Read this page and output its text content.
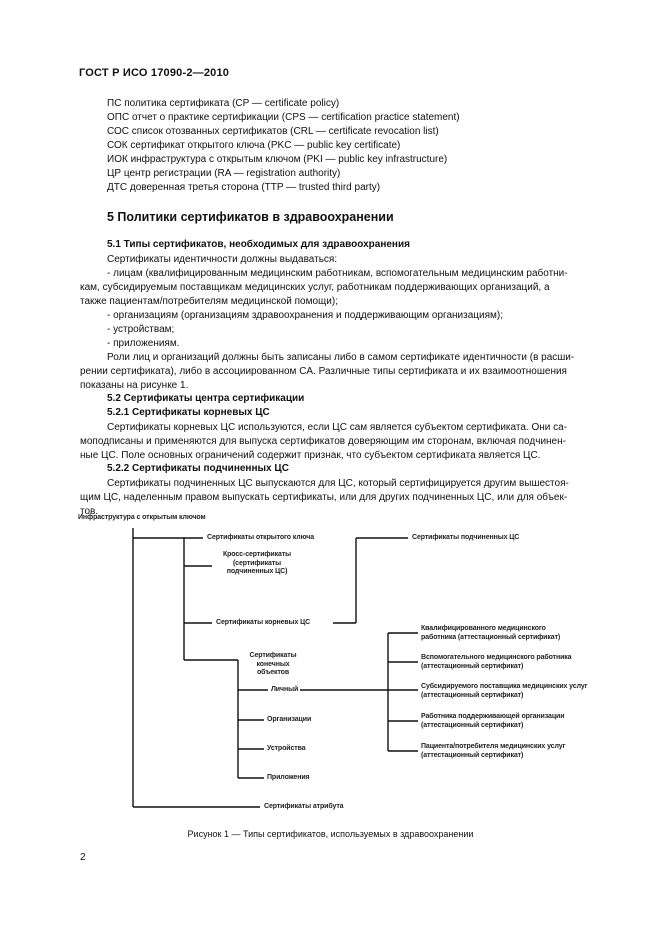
ГОСТ Р ИСО 17090-2—2010
ПС политика сертификата (CP — certificate policy)
ОПС отчет о практике сертификации (CPS — certification practice statement)
СОС список отозванных сертификатов (CRL — certificate revocation list)
СОК сертификат открытого ключа (PKC — public key certificate)
ИОК инфраструктура с открытым ключом (PKI — public key infrastructure)
ЦР центр регистрации (RA — registration authority)
ДТС доверенная третья сторона (TTP — trusted third party)
5 Политики сертификатов в здравоохранении
5.1 Типы сертификатов, необходимых для здравоохранения
Сертификаты идентичности должны выдаваться:
- лицам (квалифицированным медицинским работникам, вспомогательным медицинским работни-
кам, субсидируемым поставщикам медицинских услуг, работникам поддерживающих организаций, а
также пациентам/потребителям медицинской помощи);
- организациям (организациям здравоохранения и поддерживающим организациям);
- устройствам;
- приложениям.
Роли лиц и организаций должны быть записаны либо в самом сертификате идентичности (в расши-
рении сертификата), либо в ассоциированном CA. Различные типы сертификата и их взаимоотношения
показаны на рисунке 1.
5.2 Сертификаты центра сертификации
5.2.1 Сертификаты корневых ЦС
Сертификаты корневых ЦС используются, если ЦС сам является субъектом сертификата. Они са-
моподписаны и применяются для выпуска сертификатов доверяющим им сторонам, включая подчинен-
ные ЦС. Поле основных ограничений содержит признак, что субъектом сертификата является ЦС.
5.2.2 Сертификаты подчиненных ЦС
Сертификаты подчиненных ЦС выпускаются для ЦС, который сертифицируется другим вышестоя-
щим ЦС, наделенным правом выпускать сертификаты, или для других подчиненных ЦС, или для объек-
тов.
Инфраструктура с открытым ключом
Сертификаты открытого ключа	Сертификаты подчиненных ЦС
Кросс-сертификаты (сертификаты подчиненных ЦС)
Сертификаты корневых ЦС
Сертификаты конечных объектов
Личный
Организации
Устройства
Приложения
Сертификаты атрибута
Квалифицированного медицинского работника (аттестационный сертификат)
Вспомогательного медицинского работника (аттестационный сертификат)
Субсидируемого поставщика медицинских услуг (аттестационный сертификат)
Работника поддерживающей организации (аттестационный сертификат)
Пациента/потребителя медицинских услуг (аттестационный сертификат)
Рисунок 1 — Типы сертификатов, используемых в здравоохранении
2
